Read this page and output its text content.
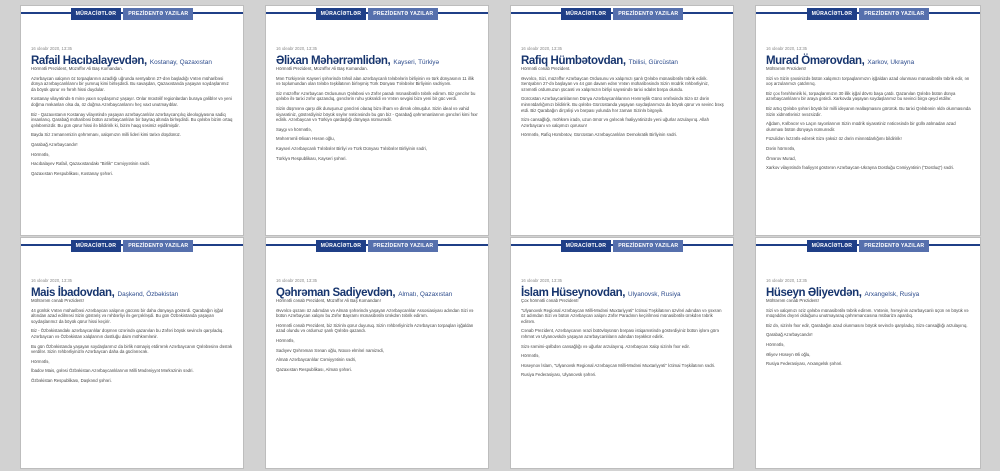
MÜRACİƏTLƏR PREZİDENTƏ YAZILAR
16 ıdeabr 2020, 13:35
Rafail Hacıbalayevdən, Kostanay, Qazaxıstan

Hörmətli Prezident, Müzəffər Ali Baş Komandan.

Azərbaycan xalqının öz torpaqlarının azadlığı uğrunda sentyabrın 27-dən başladığı Vətən müharibəsi dünya azərbaycanlılarını bir yumruq kimi birləşdirdi. Bu savaşdan, Qazaxıstanda yaşayan soydaşlarımız da böyük qürur və fərəh hissi duydular.

Kostanay vilayətində 6 minə yaxın soydaşımız yaşayır. Onlar müxtəlif regionlardan buraya gəliblər və yeni doğma məkanları olsa da, öz doğma Azərbaycanlarını heç vaxt unutmayıblar.

Biz - Qazaxıstanın Kostanay vilayətində yaşayan azərbaycanlılar azərbaycançılıq ideologiyasına sadiq insanlarıq. Qarabağ müharibəsi bütün azərbaycanlıları bir bayraq altında birləşdirdi. Bu qələbə bizim ortaq qələbəmizdir. Bu gün qürur hissi ilə bildiririk ki, bizim haqq səsimiz eşidilmişdir.

Bayda Siz zəmanəmizin qəhrəmanı, xalqımızın milli lideri kimi tarixə düşdünüz.

Qarabağ Azərbaycandır!

Hörmətlə,

Hacıbalayev Rafail, Qazaxıstandakı "Birlik" Cəmiyyətinin sədri.

Qazaxıstan Respublikası, Kostanay şəhəri.

MÜRACİƏTLƏR PREZİDENTƏ YAZILAR
16 ıdeabr 2020, 13:35
Əlixan Məhərrəmlidən, Kayseri, Türkiyə

Hörmətli Prezident, Müzəffər Ali Baş Komandan.

Mən Türkiyənin Kayseri şəhərində təhsil alan azərbaycanlı tələbələrin birliyinin və türk dünyasının 11 illik və toplumundan olan tələbə təşkilatının birləşmiş Türk Dünyası Tələbələr Birliyinin sədriyəm.

Siz müzəffər Azərbaycan Ordusunun Qələbəsi və Zəfər paradı münasibətilə təbrik edirəm. Biz gənclər bu qələbə ilə tarixi zəfər qazandıq, gənclərin ruhu yüksəldi və Vətən sevgisi bizə yeni bir güc verdi.

Sizin düşmənə qarşı dik duruşunuz gəncləri olaraq bizə ilham və dirsək olmuşdur. Sizin ideal və vahid siyasətiniz, göstərdiyiniz böyük səylər nəticəsində bu gün biz - Qarabağ qəhrəmanlarının gəncləri kimi fəxr edirik. Azərbaycan və Türkiyə qardaşlığı dünyaya nümunədir.

Saygı və hörmətlə,

Məhərrəmli Əlixan Həsən oğlu,

Kayseri Azərbaycanlı Tələbələr Birliyi və Türk Dünyası Tələbələr Birliyinin sədri,

Türkiyə Respublikası, Kayseri şəhəri.

MÜRACİƏTLƏR PREZİDENTƏ YAZILAR
16 ıdeabr 2020, 13:35
Rafiq Hümbətovdan, Tbilisi, Gürcüstan

Hörmətli cənab Prezident.

Əvvəlcə, Sizi, müzəffər Azərbaycan Ordusunu və xalqımızı şanlı Qələbə münasibətilə təbrik edirik. Sentyabrın 27-də başlayan və 44 gün davam edən Vətən müharibəsində Sizin müdrik rəhbərliyiniz, əzəmətli ordumuzun şücaəti və xalqımızın birliyi sayəsində tarixi ədalət bərpa olundu.

Gürcüstan Azərbaycanlılarının Dünya Azərbaycanlılarının Həmrəylik Günü ərəfəsində Sizə öz dərin minnətdarlığımızı bildiririk. Bu qələbə Gürcüstanda yaşayan soydaşlarımıza da böyük qürur və sevinc bəxş etdi. Biz Qarabağın dirçəlişi və bərpası yolunda hər zaman Sizinlə birgəyik.

Sizə cansağlığı, möhkəm iradə, uzun ömür və gələcək fəaliyyətinizdə yeni uğurlar arzulayırıq. Allah Azərbaycanı və xalqımızı qorusun!

Hörmətlə, Rafiq Hümbətov, Gürcüstan Azərbaycanlıları Demokratik Birliyinin sədri.

MÜRACİƏTLƏR PREZİDENTƏ YAZILAR
16 ıdeabr 2020, 13:35
Murad Ömərovdan, Xarkov, Ukrayna

Möhtərəm Prezident!

Sizi və Sizin şəxsinizdə bütün xalqımızı torpaqlarımızın işğaldan azad olunması münasibətilə təbrik edir, ən xoş arzularımızı çatdırırıq.

Biz çox fərəhlənirik ki, torpaqlarımızın 30 illik işğal dövrü başa çatdı. Qazanılan Qələbə bütün dünya azərbaycanlılarını bir araya gətirdi. Xarkovda yaşayan soydaşlarımız bu sevinci birgə qeyd etdilər.

Biz artıq Qələbə şəhəri böyük bir milli ideyanın reallaşmasını görürük. Bu tarixi Qələbənin əldə olunmasında Sizin xidmətləriniz əvəzsizdir.

Ağdam, Kəlbəcər və Laçın rayonlarının Sizin müdrik siyasətiniz nəticəsində bir güllə atılmadan azad olunması bütün dünyaya nümunədir.

Füzulidən ləzzətlə edərək Sizə şəksiz öz dərin minnətdarlığımı bildiririk!

Dərin hörmətlə,

Ömərov Murad,

Xarkov vilayətində fəaliyyət göstərən Azərbaycan-Ukrayna Dostluğu Cəmiyyətinin ("Dostluq") sədri.

MÜRACİƏTLƏR PREZİDENTƏ YAZILAR
16 ıdeabr 2020, 13:35
Mais İbadovdan, Daşkənd, Özbəkistan

Möhtərəm cənab Prezident!

44 günlük Vətən müharibəsi Azərbaycan xalqının gücünü bir daha dünyaya göstərdi. Qarabağın işğal altından azad edilməsi Sizin göstəriş və rəhbərliyi ilə gerçəkləşdi. Bu gün Özbəkistanda yaşayan soydaşlarımız da böyük qürur hissi keçirir.

Biz - Özbəkistandakı azərbaycanlılar düşmən üzərində qazanılan bu Zəfəri böyük sevinclə qarşıladıq. Azərbaycan və Özbəkistan xalqlarının dostluğu daim möhkəmlənir.

Bu gün Özbəkistanda yaşayan soydaşlarımız da birlik nümayiş etdirərək Azərbaycanın Qələbəsinə dəstək verdilər. Sizin rəhbərliyinizlə Azərbaycan daha da güclənəcək.

Hörmətlə,

İbadov Mais, gələsi Özbəkistan Azərbaycanlılarının Milli Mədəniyyət Mərkəzinin sədri.

Özbəkistan Respublikası, Daşkənd şəhəri.

MÜRACİƏTLƏR PREZİDENTƏ YAZILAR
16 ıdeabr 2020, 13:35
Qəhrəman Sadiyevdən, Almatı, Qazaxıstan

Hörmətli cənab Prezident, Müzəffər Ali Baş Komandan!

Əvvəlcə qəzanı öz adımdan və Almatı şəhərində yaşayan Azərbaycanlılar Assosiasiyası adından Sizi və bütün Azərbaycan xalqını bu Zəfər Bayramı münasibətilə ürəkdən təbrik edirəm.

Hörmətli cənab Prezident, biz Sizinlə qürur duyuruq. Sizin rəhbərliyinizlə Azərbaycan torpaqları işğaldan azad olundu və ordumuz şanlı Qələbə qazandı.

Hörmətlə,

Sadıyev Qəhrəman Sənan oğlu, Nüxxə elmləri namizədi,

Almatı Azərbaycanlılar Cəmiyyətinin sədri,

Qazaxıstan Respublikası, Almatı şəhəri.

MÜRACİƏTLƏR PREZİDENTƏ YAZILAR
16 ıdeabr 2020, 13:35
İslam Hüseynovdan, Ulyanovsk, Rusiya

Çox hörmətli cənab Prezident!

"Ulyanovsk Regional Azərbaycan Milli-Mədəni Muxtariyyəti" İctimai Təşkilatının üzvləri adından və şəxsən öz adımdan Sizi və bütün Azərbaycan xalqını Zəfər Paradının keçirilməsi münasibətilə ürəkdən təbrik edirəm.

Cənab Prezident, Azərbaycanın ərazi bütövlüyünün bərpası istiqamətində göstərdiyiniz bütün işlərə görə rəhmət və Ulyanovskdə yaşayan azərbaycanlıların adından təşəkkür edirik.

Sizə səmimi-qəlbdən cansağlığı və uğurlar arzulayırıq. Azərbaycan Xalqı sizinlə fəxr edir.

Hörmətlə,

Hüseynov İslam, "Ulyanovsk Regional Azərbaycan Milli-Mədəni Muxtariyyəti" İctimai Təşkilatının sədri.

Rusiya Federasiyası, Ulyanovsk şəhəri.

MÜRACİƏTLƏR PREZİDENTƏ YAZILAR
16 ıdeabr 2020, 13:35
Hüseyn Əliyevdən, Arxangelsk, Rusiya

Möhtərəm cənab Prezident!

Sizi və xalqımızı əziz qələbə münasibətilə təbrik edirəm. Vətənin, hərəyinin azərbaycanlı üçün ən böyük və müqəddəs dəyəri olduğunu unutmayaraq qəhrəmancasına mübarizə apardıq.

Biz də, sizinlə fəxr edir, Qarabağın azad olunmasını böyük sevinclə qarşıladıq. Sizə cansağlığı arzulayırıq.

Qarabağ Azərbaycandır!

Hörmətlə,

Əliyev Hüseyn Əli oğlu,

Rusiya Federasiyası, Arxangelsk şəhəri.
